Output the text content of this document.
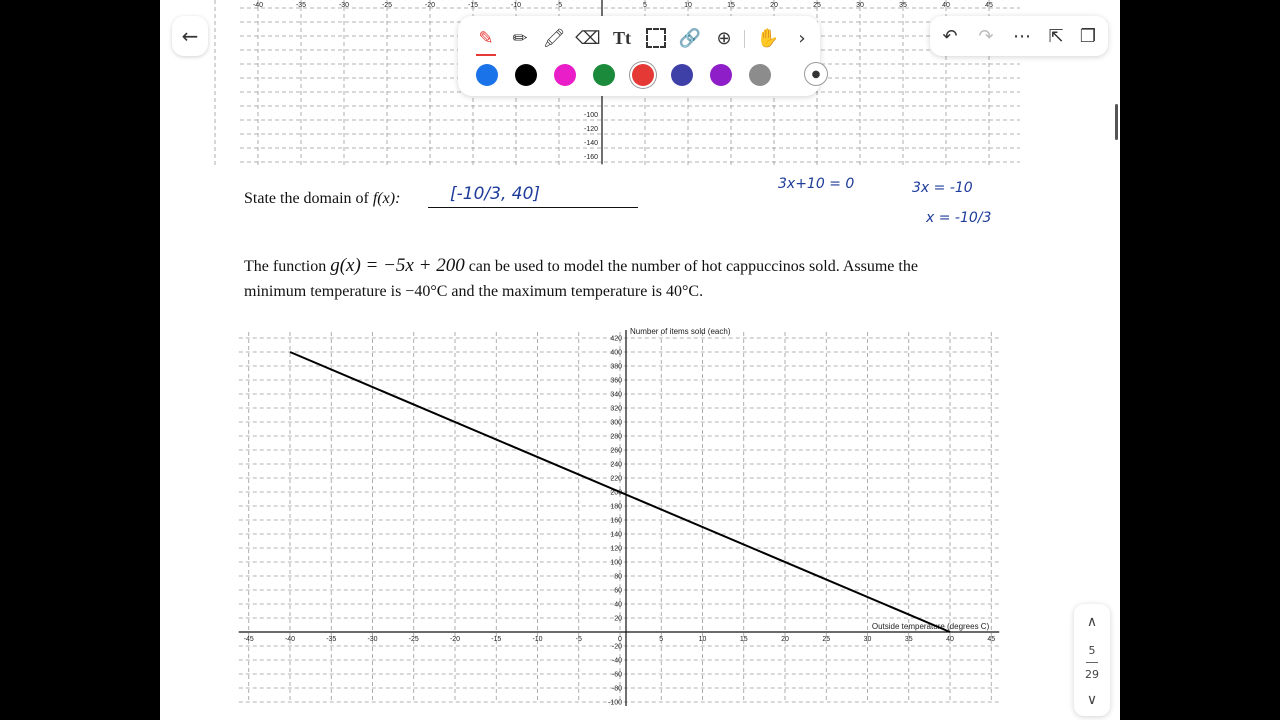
-40	-35	-30	-25	-20	-15	-10	-5	5	10	15	20	25	30	35	40	45
-100
-120
-140
-160
State the domain of f(x):	[-10/3, 40]	3x+10 = 0	3x = -10
x = -10/3
The function g(x) = −5x + 200 can be used to model the number of hot cappuccinos sold. Assume the
minimum temperature is −40°C and the maximum temperature is 40°C.
-45	-40	-35	-30	-25	-20	-15	-10	-5	0	5	10	15	20	25	30	35	40	45
420
400
380
360
340
320
300
280
260
240
220
200
180
160
140
120
100
80
60
40
20
-20
-40
-60
-80
-100
Outside temperature (degrees C)
Number of items sold (each)
←	✎	✏ 🖍 ⌫ Tt	🔗 ⊕	✋	›
●
↶	↷	⋯ ⇱ ❐
∧
5
29
∨
